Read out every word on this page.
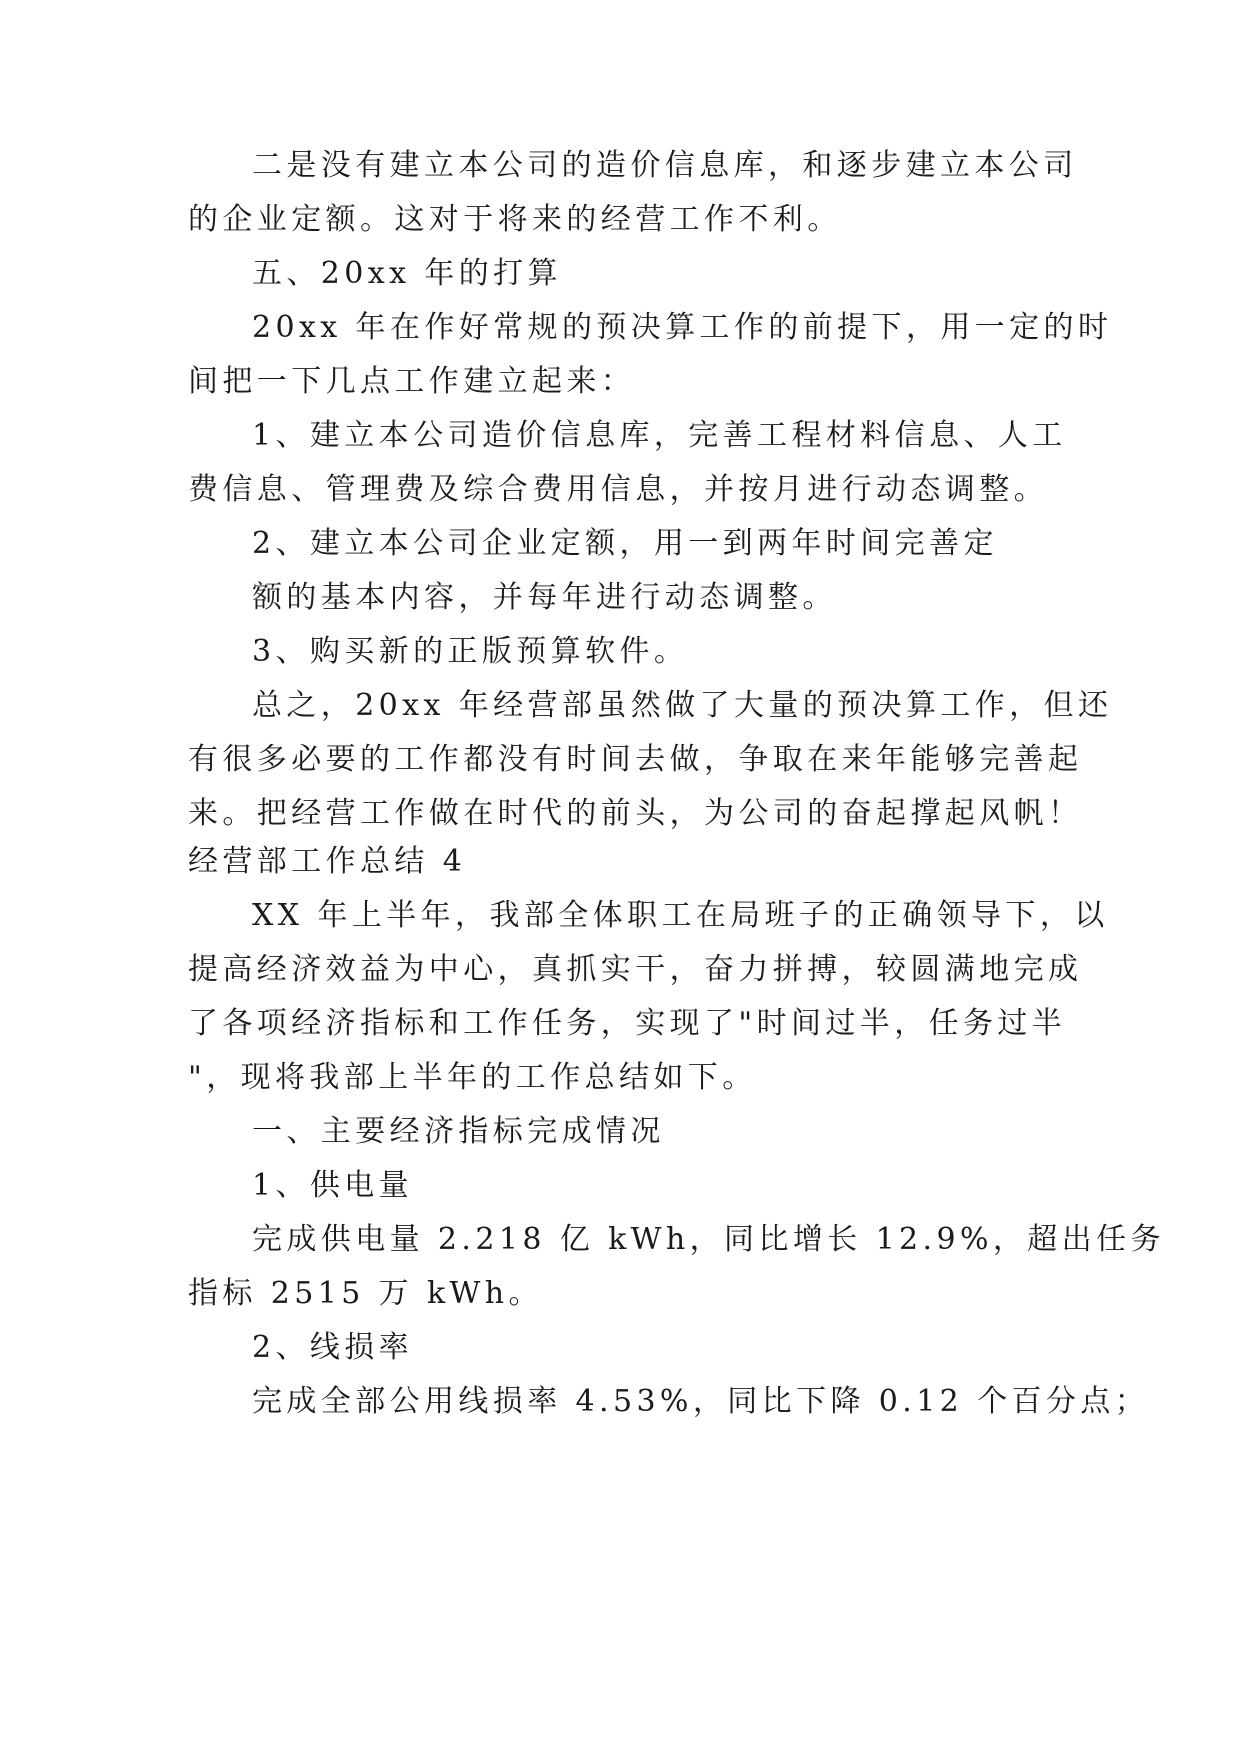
二是没有建立本公司的造价信息库，和逐步建立本公司
的企业定额。这对于将来的经营工作不利。
五、20xx 年的打算
20xx 年在作好常规的预决算工作的前提下，用一定的时
间把一下几点工作建立起来：
1、建立本公司造价信息库，完善工程材料信息、人工
费信息、管理费及综合费用信息，并按月进行动态调整。
2、建立本公司企业定额，用一到两年时间完善定
额的基本内容，并每年进行动态调整。
3、购买新的正版预算软件。
总之，20xx 年经营部虽然做了大量的预决算工作，但还
有很多必要的工作都没有时间去做，争取在来年能够完善起
来。把经营工作做在时代的前头，为公司的奋起撑起风帆！
经营部工作总结 4
XX 年上半年，我部全体职工在局班子的正确领导下，以
提高经济效益为中心，真抓实干，奋力拼搏，较圆满地完成
了各项经济指标和工作任务，实现了"时间过半，任务过半
"，现将我部上半年的工作总结如下。
一、主要经济指标完成情况
1、供电量
完成供电量 2.218 亿 kWh，同比增长 12.9%，超出任务
指标 2515 万 kWh。
2、线损率
完成全部公用线损率 4.53%，同比下降 0.12 个百分点；
